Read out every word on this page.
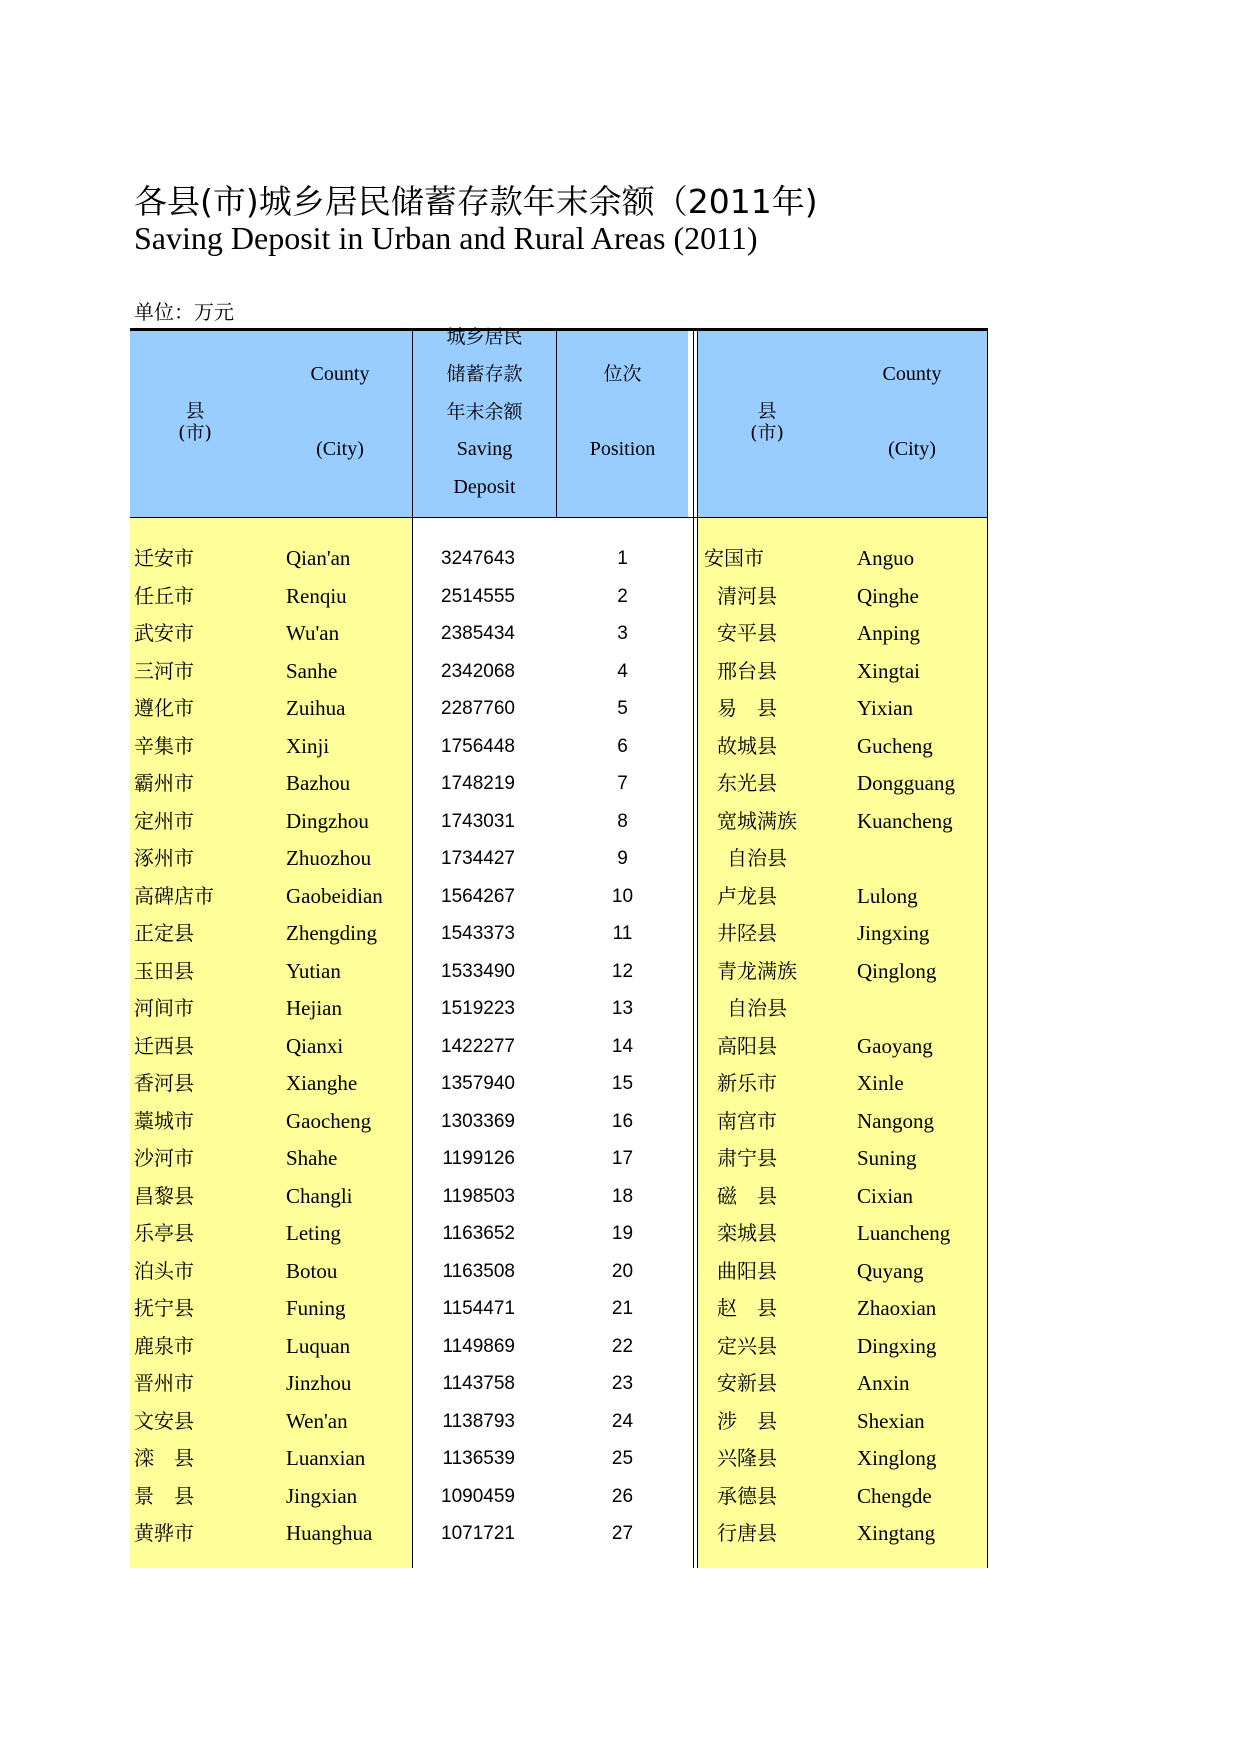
各县(市)城乡居民储蓄存款年末余额（2011年)
Saving Deposit in Urban and Rural Areas (2011)
单位：万元
县
(市)
County
(City)
城乡居民
储蓄存款
年末余额
Saving
Deposit
位次
Position
县
(市)
County
(City)
迁安市	Qian'an	3247643	1	安国市	Anguo
任丘市	Renqiu	2514555	2	清河县	Qinghe
武安市	Wu'an	2385434	3	安平县	Anping
三河市	Sanhe	2342068	4	邢台县	Xingtai
遵化市	Zuihua	2287760	5	易　县	Yixian
辛集市	Xinji	1756448	6	故城县	Gucheng
霸州市	Bazhou	1748219	7	东光县	Dongguang
定州市	Dingzhou	1743031	8	宽城满族	Kuancheng
涿州市	Zhuozhou	1734427	9	自治县
高碑店市	Gaobeidian	1564267	10	卢龙县	Lulong
正定县	Zhengding	1543373	11	井陉县	Jingxing
玉田县	Yutian	1533490	12	青龙满族	Qinglong
河间市	Hejian	1519223	13	自治县
迁西县	Qianxi	1422277	14	高阳县	Gaoyang
香河县	Xianghe	1357940	15	新乐市	Xinle
藁城市	Gaocheng	1303369	16	南宫市	Nangong
沙河市	Shahe	1199126	17	肃宁县	Suning
昌黎县	Changli	1198503	18	磁　县	Cixian
乐亭县	Leting	1163652	19	栾城县	Luancheng
泊头市	Botou	1163508	20	曲阳县	Quyang
抚宁县	Funing	1154471	21	赵　县	Zhaoxian
鹿泉市	Luquan	1149869	22	定兴县	Dingxing
晋州市	Jinzhou	1143758	23	安新县	Anxin
文安县	Wen'an	1138793	24	涉　县	Shexian
滦　县	Luanxian	1136539	25	兴隆县	Xinglong
景　县	Jingxian	1090459	26	承德县	Chengde
黄骅市	Huanghua	1071721	27	行唐县	Xingtang
